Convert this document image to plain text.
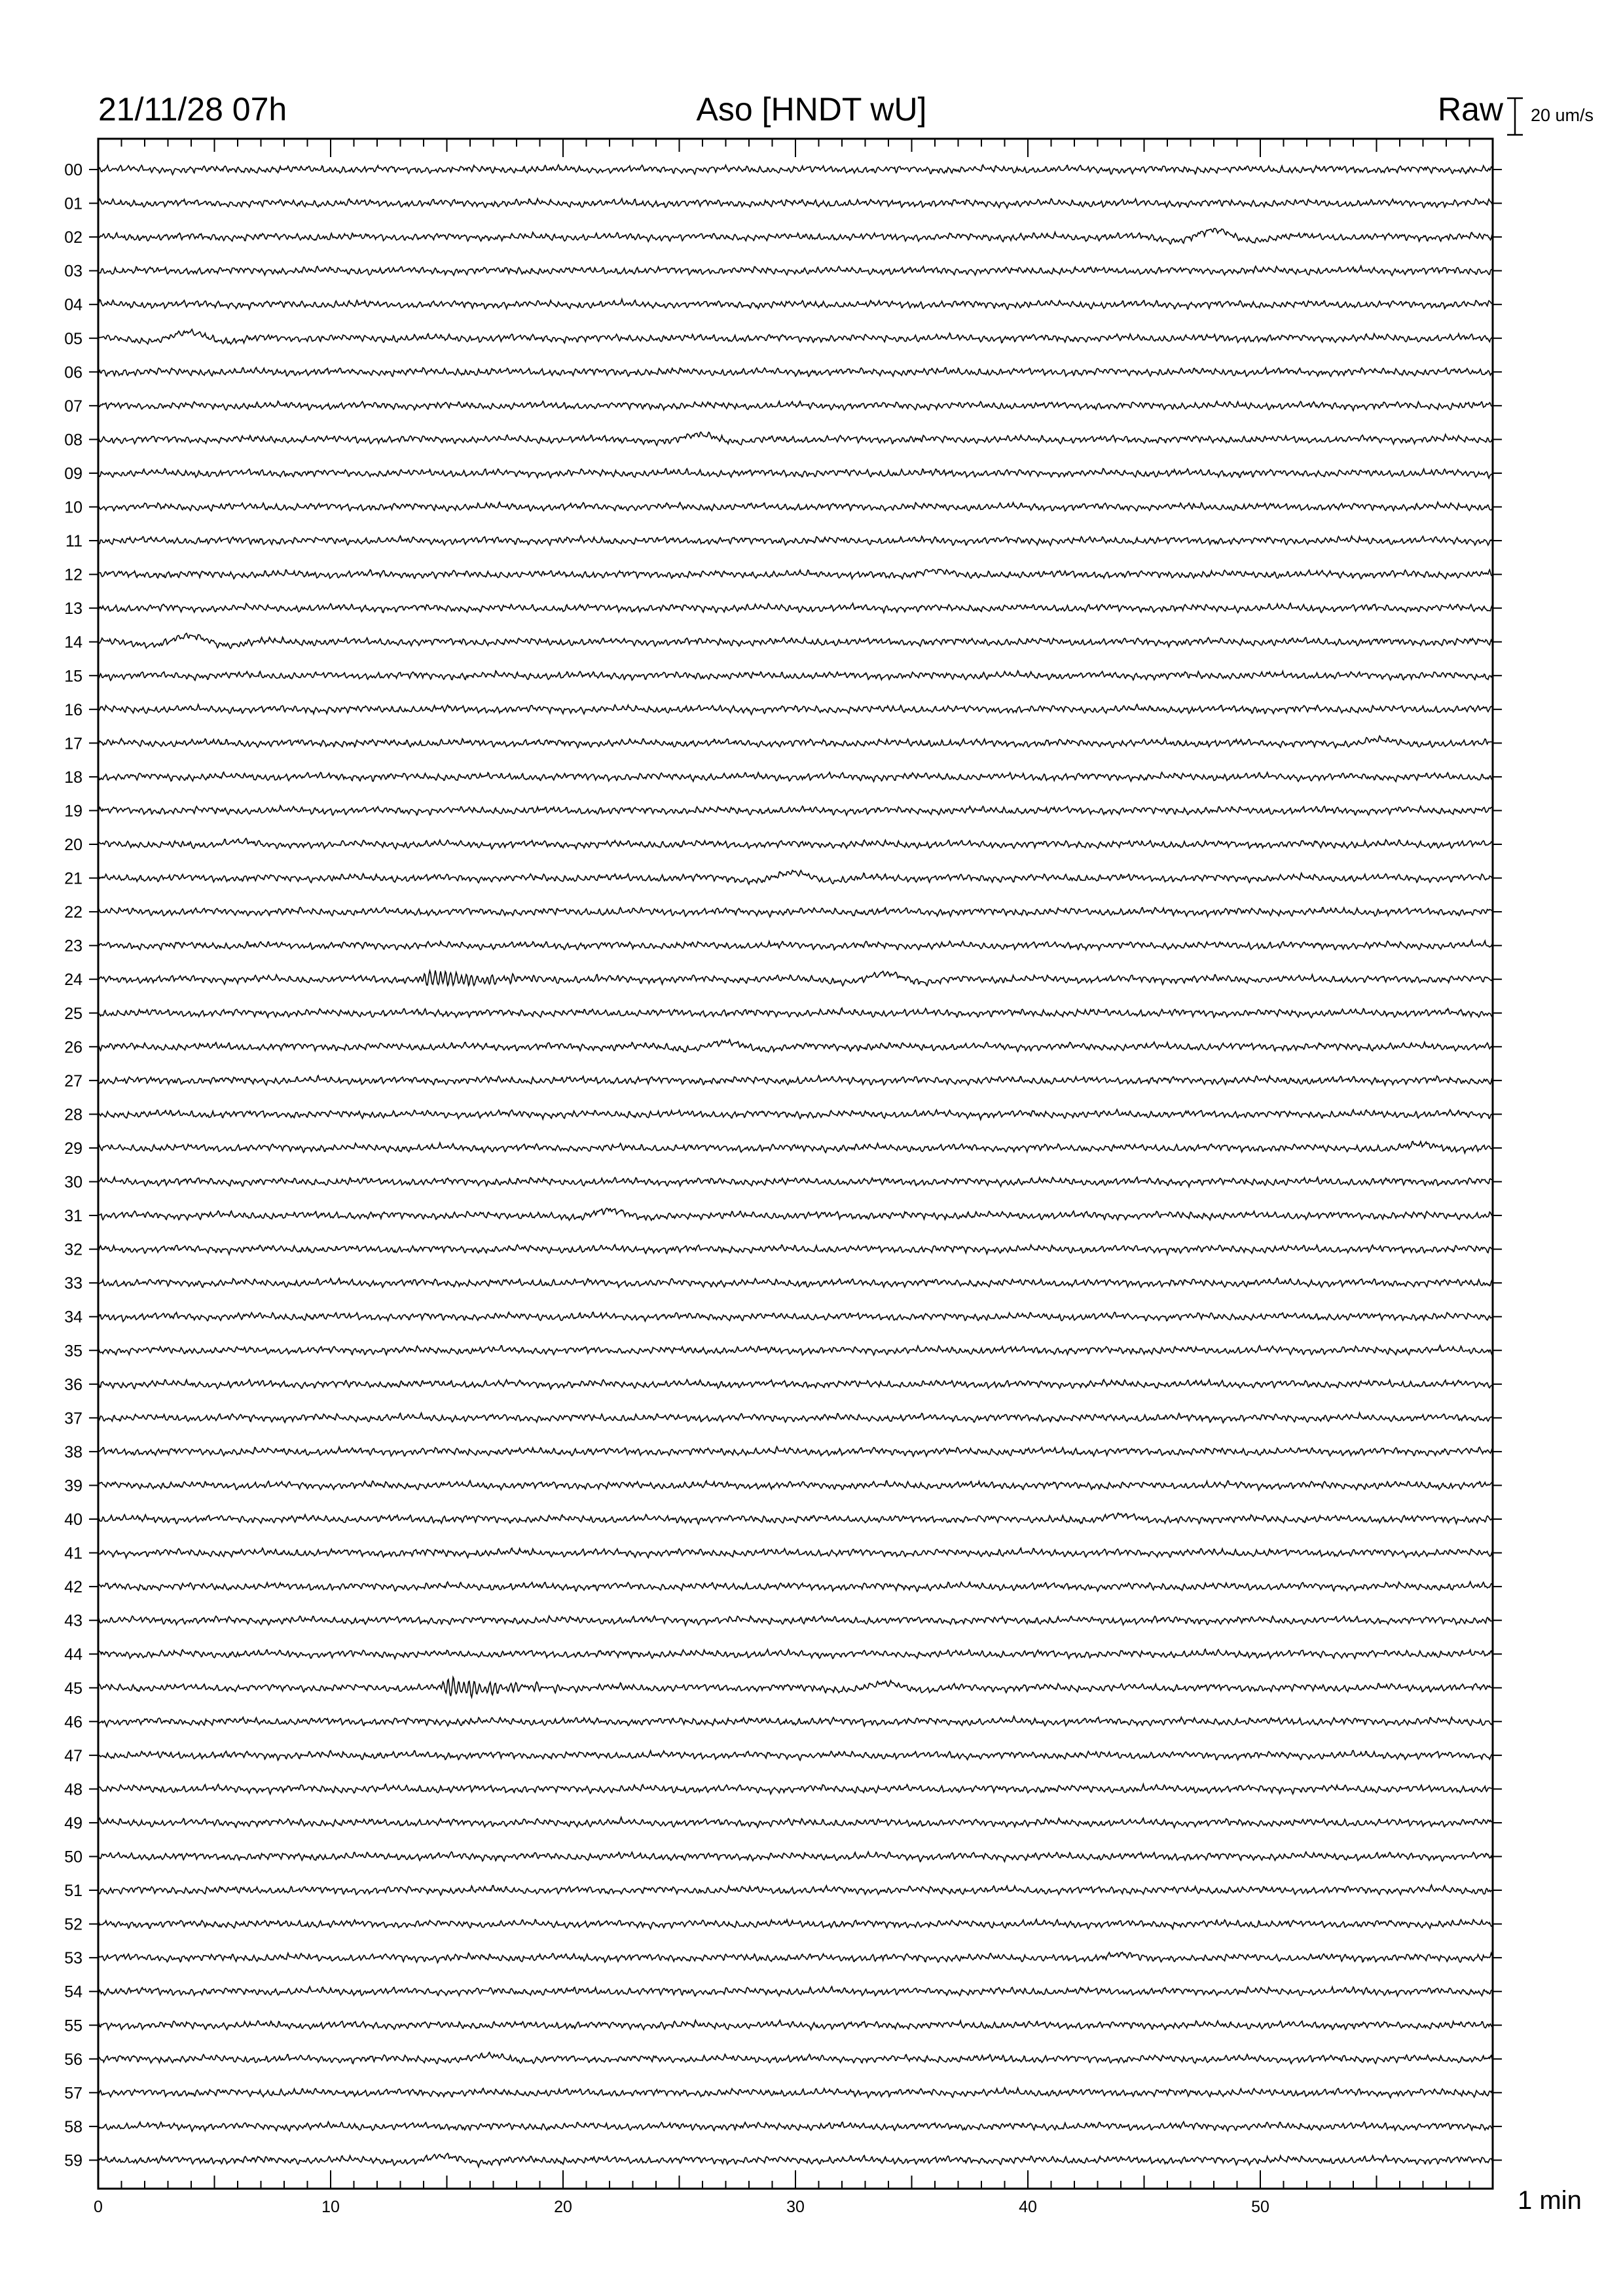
00
01
02
03
04
05
06
07
08
09
10
11
12
13
14
15
16
17
18
19
20
21
22
23
24
25
26
27
28
29
30
31
32
33
34
35
36
37
38
39
40
41
42
43
44
45
46
47
48
49
50
51
52
53
54
55
56
57
58
59
0	10	20	30	40	50
21/11/28 07h	Aso [HNDT wU]	Raw 20 um/s
1 min
